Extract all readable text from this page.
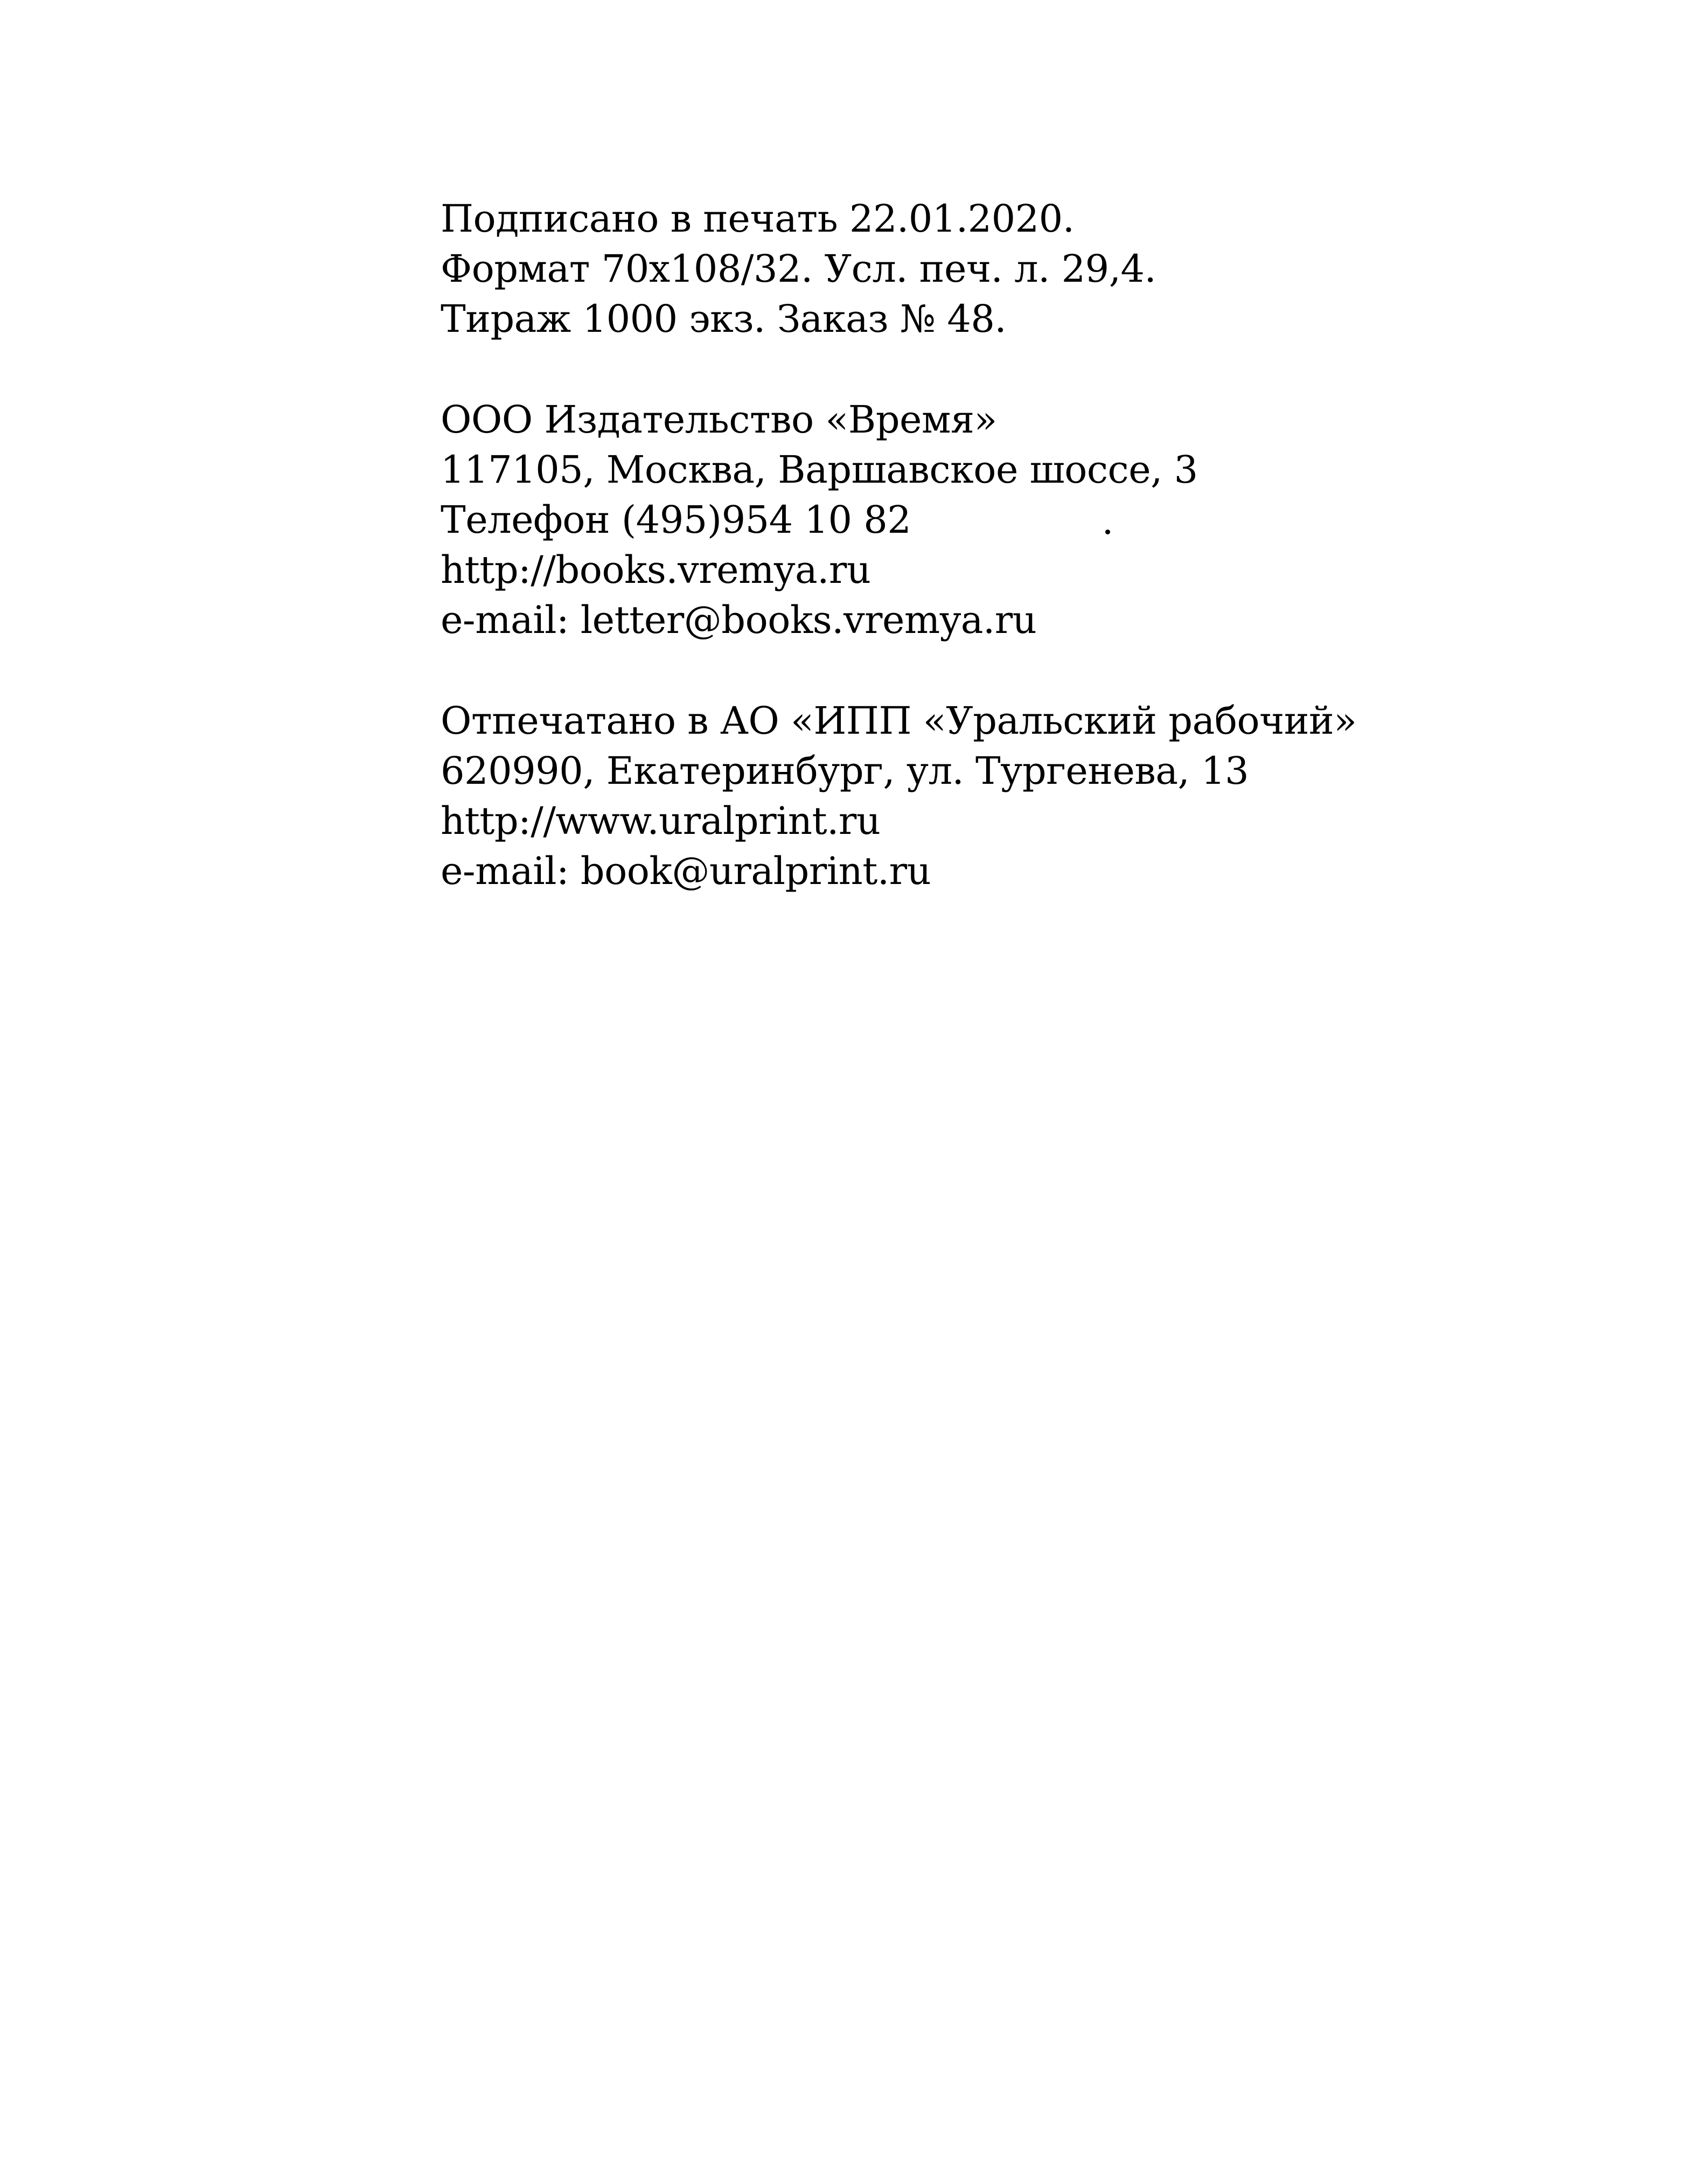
Подписано в печать 22.01.2020.
Формат 70x108/32. Усл. печ. л. 29,4.
Тираж 1000 экз. Заказ № 48.
ООО Издательство «Время»
117105, Москва, Варшавское шоссе, 3
Телефон (495)954 10 82
http://books.vremya.ru
e-mail: letter@books.vremya.ru
Отпечатано в АО «ИПП «Уральский рабочий»
620990, Екатеринбург, ул. Тургенева, 13
http://www.uralprint.ru
e-mail: book@uralprint.ru
